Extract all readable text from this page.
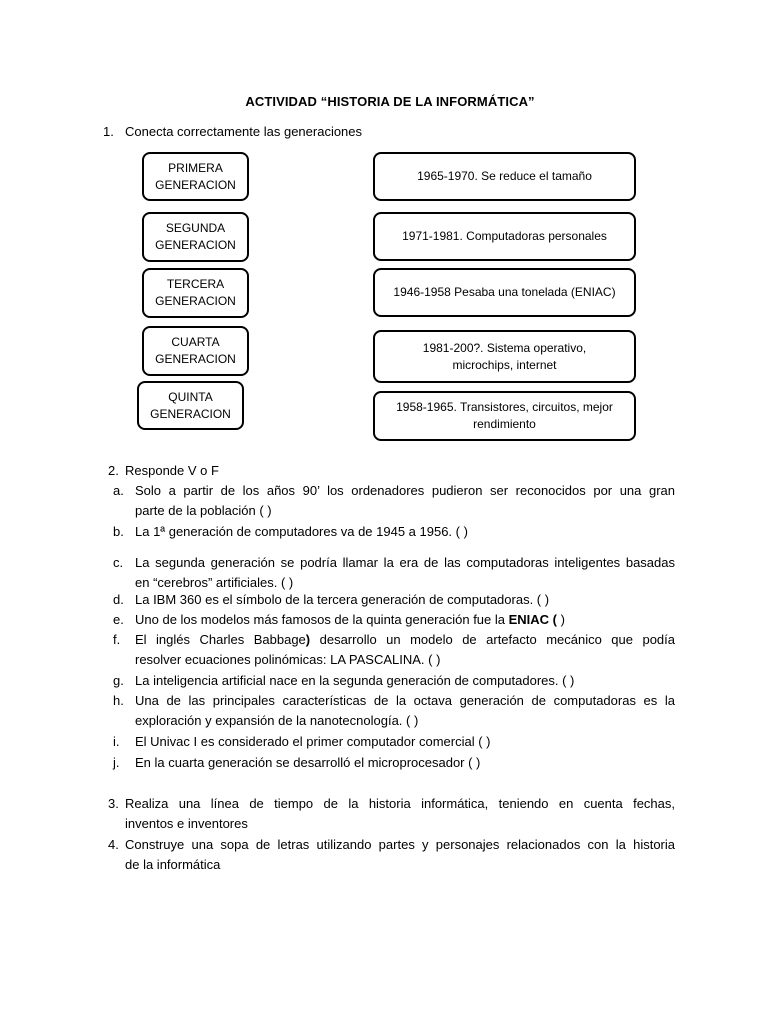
ACTIVIDAD “HISTORIA DE LA INFORMÁTICA”
1. Conecta correctamente las generaciones
PRIMERA
GENERACION
SEGUNDA
GENERACION
TERCERA
GENERACION
CUARTA
GENERACION
QUINTA
GENERACION
1965-1970. Se reduce el tamaño
1971-1981. Computadoras personales
1946-1958 Pesaba una tonelada (ENIAC)
1981-200?. Sistema operativo,
microchips, internet
1958-1965. Transistores, circuitos, mejor
rendimiento
2. Responde V o F
a. Solo a partir de los años 90’ los ordenadores pudieron ser reconocidos por una gran
parte de la población ( )
b. La 1ª generación de computadores va de 1945 a 1956. ( )
c. La segunda generación se podría llamar la era de las computadoras inteligentes basadas
en “cerebros” artificiales. ( )
d. La IBM 360 es el símbolo de la tercera generación de computadoras. ( )
e. Uno de los modelos más famosos de la quinta generación fue la ENIAC ( )
f. El inglés Charles Babbage) desarrollo un modelo de artefacto mecánico que podía
resolver ecuaciones polinómicas: LA PASCALINA. ( )
g. La inteligencia artificial nace en la segunda generación de computadores. ( )
h. Una de las principales características de la octava generación de computadoras es la
exploración y expansión de la nanotecnología. ( )
i. El Univac I es considerado el primer computador comercial ( )
j. En la cuarta generación se desarrolló el microprocesador ( )
3. Realiza una línea de tiempo de la historia informática, teniendo en cuenta fechas,
inventos e inventores
4. Construye una sopa de letras utilizando partes y personajes relacionados con la historia
de la informática
